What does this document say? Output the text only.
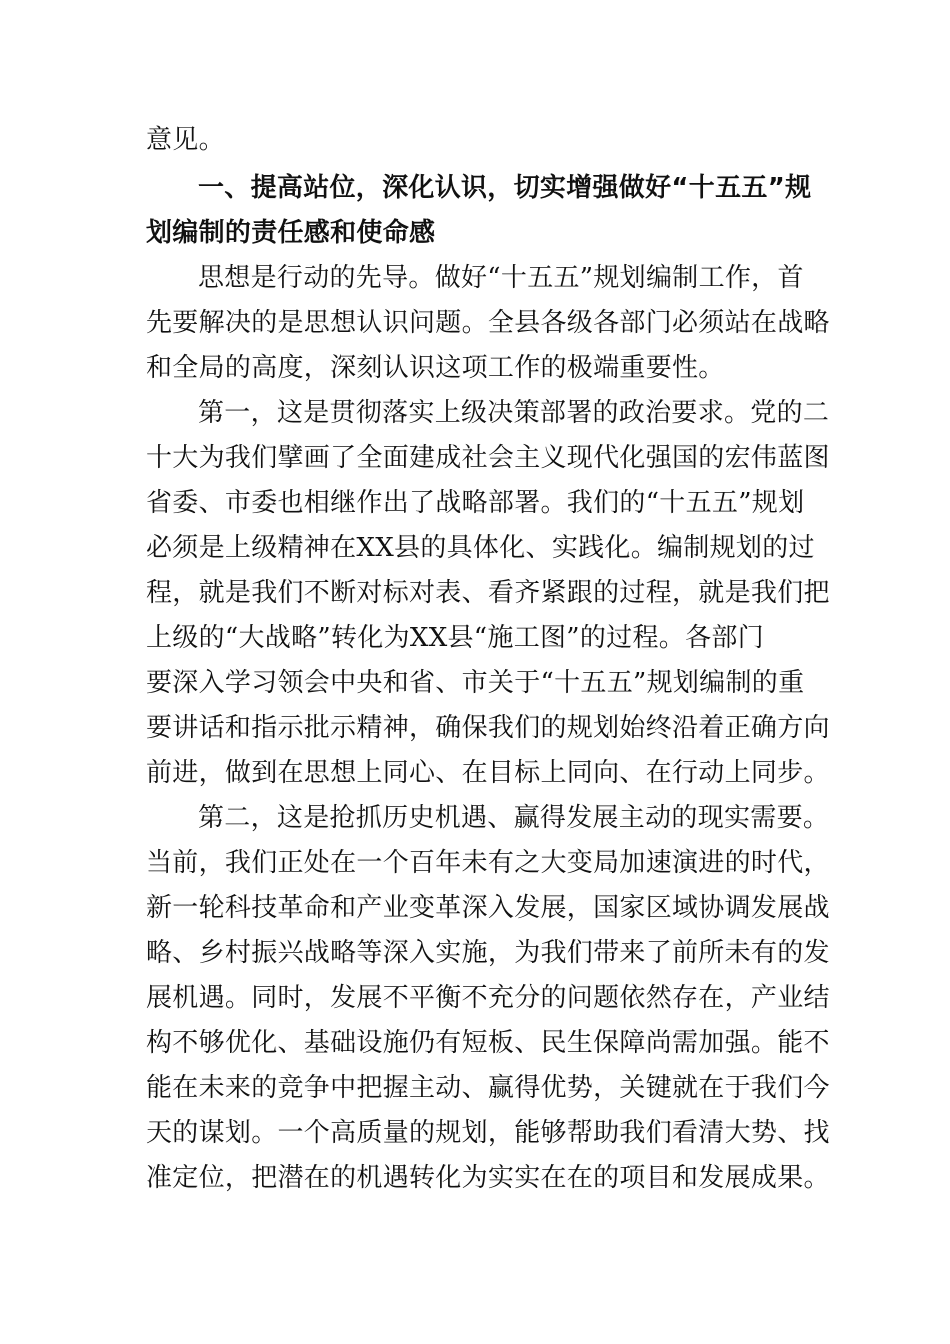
意见。
一、提高站位，深化认识，切实增强做好“十五五”规
划编制的责任感和使命感
思想是行动的先导。做好“十五五”规划编制工作，首
先要解决的是思想认识问题。全县各级各部门必须站在战略
和全局的高度，深刻认识这项工作的极端重要性。
第一，这是贯彻落实上级决策部署的政治要求。党的二
十大为我们擘画了全面建成社会主义现代化强国的宏伟蓝图
省委、市委也相继作出了战略部署。我们的“十五五”规划
必须是上级精神在XX县的具体化、实践化。编制规划的过
程，就是我们不断对标对表、看齐紧跟的过程，就是我们把
上级的“大战略”转化为XX县“施工图”的过程。各部门
要深入学习领会中央和省、市关于“十五五”规划编制的重
要讲话和指示批示精神，确保我们的规划始终沿着正确方向
前进，做到在思想上同心、在目标上同向、在行动上同步。
第二，这是抢抓历史机遇、赢得发展主动的现实需要。
当前，我们正处在一个百年未有之大变局加速演进的时代，
新一轮科技革命和产业变革深入发展，国家区域协调发展战
略、乡村振兴战略等深入实施，为我们带来了前所未有的发
展机遇。同时，发展不平衡不充分的问题依然存在，产业结
构不够优化、基础设施仍有短板、民生保障尚需加强。能不
能在未来的竞争中把握主动、赢得优势，关键就在于我们今
天的谋划。一个高质量的规划，能够帮助我们看清大势、找
准定位，把潜在的机遇转化为实实在在的项目和发展成果。
